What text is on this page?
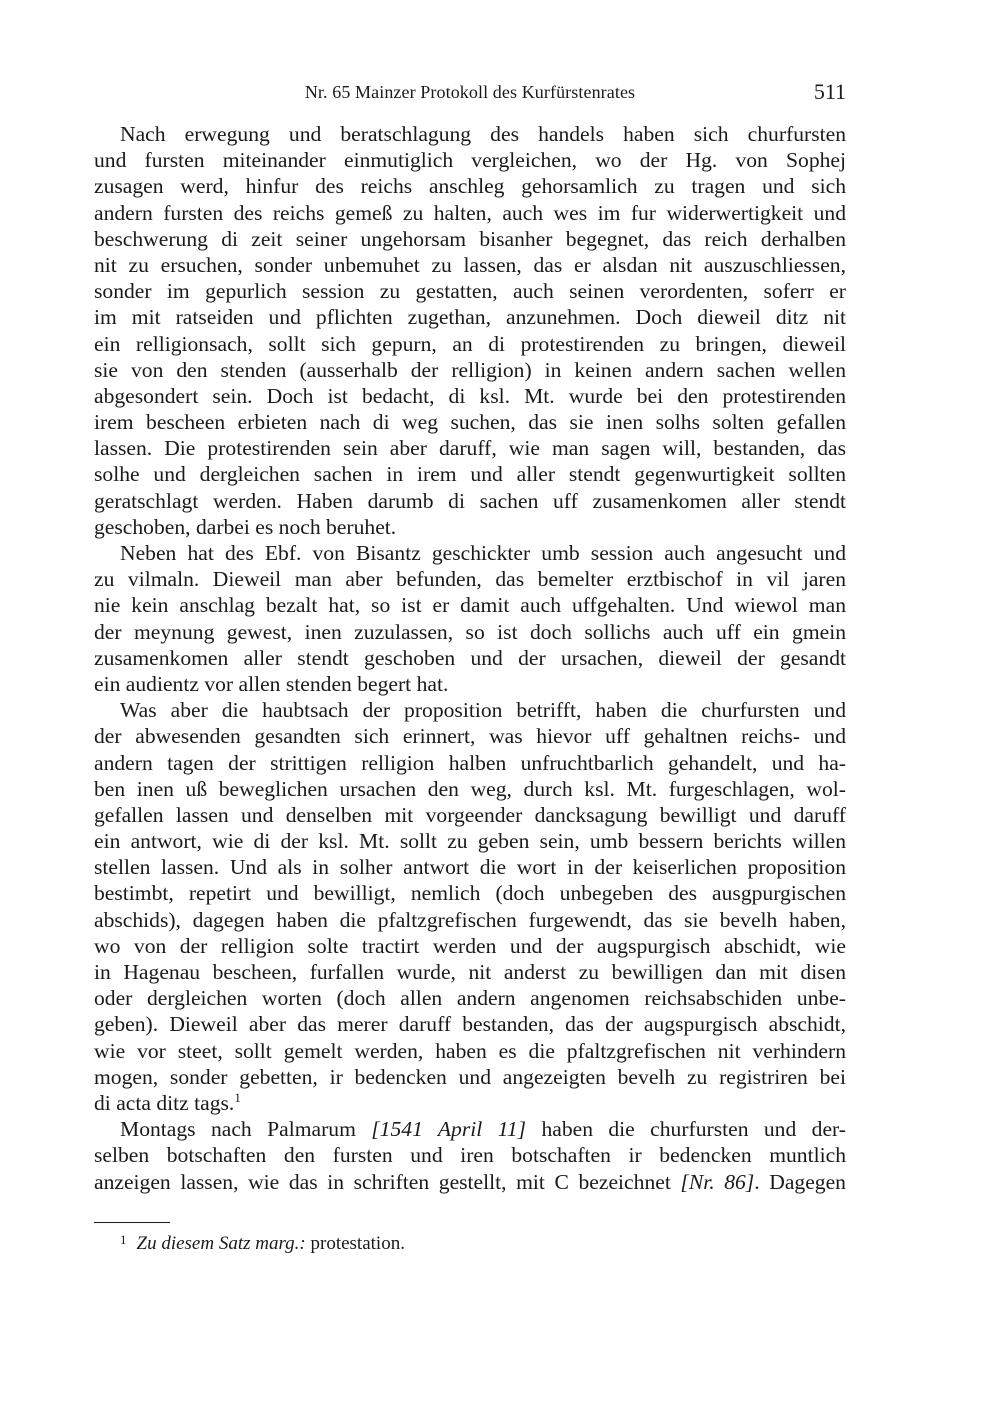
Nr. 65 Mainzer Protokoll des Kurfürstenrates	511
Nach erwegung und beratschlagung des handels haben sich churfursten
und fursten miteinander einmutiglich vergleichen, wo der Hg. von Sophej
zusagen werd, hinfur des reichs anschleg gehorsamlich zu tragen und sich
andern fursten des reichs gemeß zu halten, auch wes im fur widerwertigkeit und
beschwerung di zeit seiner ungehorsam bisanher begegnet, das reich derhalben
nit zu ersuchen, sonder unbemuhet zu lassen, das er alsdan nit auszuschliessen,
sonder im gepurlich session zu gestatten, auch seinen verordenten, soferr er
im mit ratseiden und pflichten zugethan, anzunehmen. Doch dieweil ditz nit
ein relligionsach, sollt sich gepurn, an di protestirenden zu bringen, dieweil
sie von den stenden (ausserhalb der relligion) in keinen andern sachen wellen
abgesondert sein. Doch ist bedacht, di ksl. Mt. wurde bei den protestirenden
irem bescheen erbieten nach di weg suchen, das sie inen solhs solten gefallen
lassen. Die protestirenden sein aber daruff, wie man sagen will, bestanden, das
solhe und dergleichen sachen in irem und aller stendt gegenwurtigkeit sollten
geratschlagt werden. Haben darumb di sachen uff zusamenkomen aller stendt
geschoben, darbei es noch beruhet.
Neben hat des Ebf. von Bisantz geschickter umb session auch angesucht und
zu vilmaln. Dieweil man aber befunden, das bemelter erztbischof in vil jaren
nie kein anschlag bezalt hat, so ist er damit auch uffgehalten. Und wiewol man
der meynung gewest, inen zuzulassen, so ist doch sollichs auch uff ein gmein
zusamenkomen aller stendt geschoben und der ursachen, dieweil der gesandt
ein audientz vor allen stenden begert hat.
Was aber die haubtsach der proposition betrifft, haben die churfursten und
der abwesenden gesandten sich erinnert, was hievor uff gehaltnen reichs- und
andern tagen der strittigen relligion halben unfruchtbarlich gehandelt, und ha-
ben inen uß beweglichen ursachen den weg, durch ksl. Mt. furgeschlagen, wol-
gefallen lassen und denselben mit vorgeender dancksagung bewilligt und daruff
ein antwort, wie di der ksl. Mt. sollt zu geben sein, umb bessern berichts willen
stellen lassen. Und als in solher antwort die wort in der keiserlichen proposition
bestimbt, repetirt und bewilligt, nemlich (doch unbegeben des ausgpurgischen
abschids), dagegen haben die pfaltzgrefischen furgewendt, das sie bevelh haben,
wo von der relligion solte tractirt werden und der augspurgisch abschidt, wie
in Hagenau bescheen, furfallen wurde, nit anderst zu bewilligen dan mit disen
oder dergleichen worten (doch allen andern angenomen reichsabschiden unbe-
geben). Dieweil aber das merer daruff bestanden, das der augspurgisch abschidt,
wie vor steet, sollt gemelt werden, haben es die pfaltzgrefischen nit verhindern
mogen, sonder gebetten, ir bedencken und angezeigten bevelh zu registriren bei
di acta ditz tags.$^1$
Montags nach Palmarum [1541 April 11] haben die churfursten und der-
selben botschaften den fursten und iren botschaften ir bedencken muntlich
anzeigen lassen, wie das in schriften gestellt, mit C bezeichnet [Nr. 86]. Dagegen
$^1$ Zu diesem Satz marg.: protestation.
